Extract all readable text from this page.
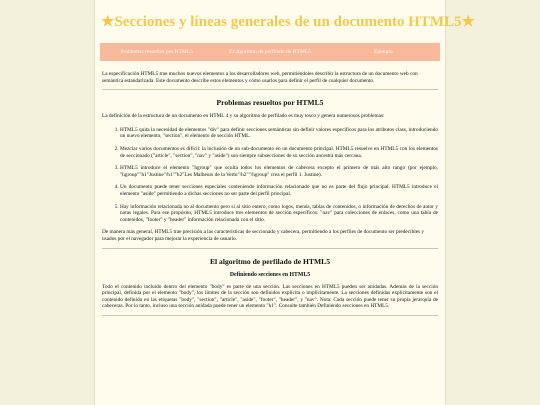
★Secciones y líneas generales de un documento HTML5★
Problemas resueltos por HTML5	El algoritmo de perfilado de HTML5	Ejemplo

La especificación HTML5 trae muchos nuevos elementos a los desarrolladores web, permitiéndoles describir la estructura de un documento web con semántica estandarizada. Este documento describe estos elementos y cómo usarlos para definir el perfil de cualquier documento.

Problemas resueltos por HTML5

La definición de la estructura de un documento en HTML 4 y su algoritmo de perfilado es muy tosco y genera numerosos problemas:

1. HTML5 quita la necesidad de elementos "div" para definir secciones semánticas sin definir valores específicos para los atributos class, introduciendo un nuevo elemento, "section", el elemento de sección HTML.
2. Mezclar varios documentos es difícil: la inclusión de un sub-documento en un documento principal. HTML5 resuelve en HTML5 con los elementos de seccionado ("article", "section", "nav" y "aside") son siempre subsecciones de su sección ancestra más cercana.
3. HTML5 introduce el elemento "hgroup" que oculta todos los elementos de cabecera excepto el primero de más alto rango (por ejemplo, "hgroup""h1"Justine"/h1""h2"Les Malheurs de la Vertu"/h2""/hgroup" crea el perfil 1. Justine).
4. Un documento puede tener secciones especiales conteniendo información relacionado que no es parte del flujo principal. HTML5 introduce el elemento "aside" permitiendo a dichas secciones no ser parte del perfil principal.
5. Hay información relacionada no al documento pero si al sitio entero, como logos, menús, tablas de contenidos, o información de derechos de autor y notas legales. Para ese propósito, HTML5 introduce tres elementos de sección específicos: "nav" para colecciones de enlaces, como una tabla de contenidos, "footer" y "header" información relacionada con el sitio.

De manera más general, HTML5 trae precisión a las características de seccionado y cabecera, permitiendo a los perfiles de documento ser predecibles y usados por el navegador para mejorar la experiencia de usuario.

El algoritmo de perfilado de HTML5
Definiendo secciones en HTML5

Todo el contenido incluido dentro del elemento "body" es parte de una sección. Las secciones en HTML5 pueden ser anidadas. Además de la sección principal, definida por el elemento "body", los límites de la sección son definidos explícita o implícitamente. La secciones definidas explícitamente son el contenido definido en las etiquetas "body", "section", "article", "aside", "footer", "header", y "nav". Nota: Cada sección puede tener su propia jerarquía de cabeceras. Por lo tanto, incluso una sección anidada puede tener un elemento "h1". Consulte también Definiendo secciones en HTML5.
